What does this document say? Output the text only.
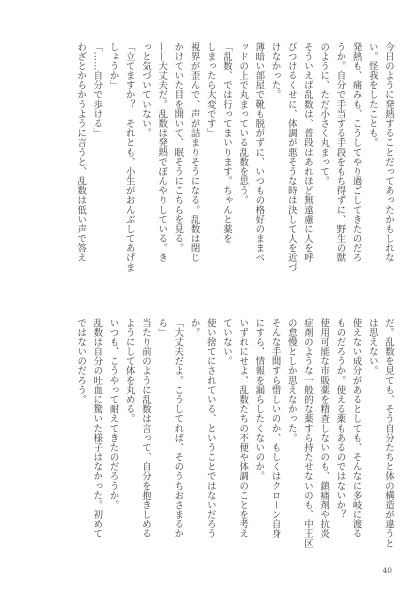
今日のように発熱することだってあったかもしれな
い。怪我をしたことも。
発熱も、痛みも、こうしてやり過ごしてきたのだろ
うか。自分で手当する手段をもち得ずに、野生の獣
のように、ただ小さく丸まって。
そういえば乱数は、普段はあれほど無遠慮に人を呼
びつけるくせに、体調が悪そうな時は決して人を近づ
けなかった。
薄暗い部屋で靴も脱がずに、いつもの格好のままベ
ッドの上で丸まっている乱数を思う。
「乱数、では行ってまいります。ちゃんと薬を
しまったら大変です」
視界が歪んで、声が詰まりそうになる。乱数は閉じ
かけていた目を開いて、眠そうにこちらを見る。
——大丈夫だ。乱数は発熱でぼんやりしている。き
っと気づいていない。
「立てますか？　それとも、小生がおんぶしてあげま
しょうか」
「……自分で歩ける」
わざとからかうように言うと、乱数は低い声で答え
だ。乱数を見ても、そう自分たちと体の構造が違うと
は思えない。
使えない成分があるとしても、そんなに多岐に渡る
ものだろうか。使える薬もあるのではないか？
使用可能な市販薬を精査しないのも、鎮痛剤や抗炎
症剤のような一般的な薬すら持たせないのも、中王区
の怠慢としか思えなかった。
そんな手間すら惜しいのか、もしくはクローン自身
にすら、情報を漏らしたくないのか。
いずれにせよ、乱数たちの不便や体調のことを考え
ていない。
使い捨てにされている、ということではないだろう
か。
「大丈夫だよ。こうしてれば、そのうちおさまるか
ら」
当たり前のように乱数は言って、自分を抱きしめる
ようにして体を丸める。
いつも、こうやって耐えてきたのだろうか。
乱数は自分の吐血に驚いた様子はなかった。初めて
ではないのだろう。
40
